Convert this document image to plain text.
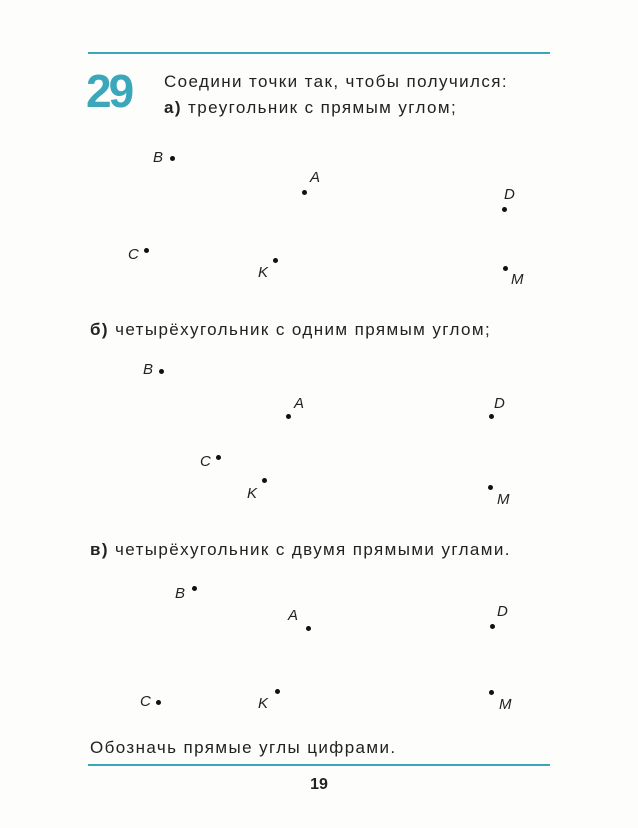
29 Соедини точки так, чтобы получился:
а) треугольник с прямым углом;
B
A
D
C
K	M
б) четырёхугольник с одним прямым углом;
B
A	D
C
K	M
в) четырёхугольник с двумя прямыми углами.
B
A	D
C	K	M
Обозначь прямые углы цифрами.
19
